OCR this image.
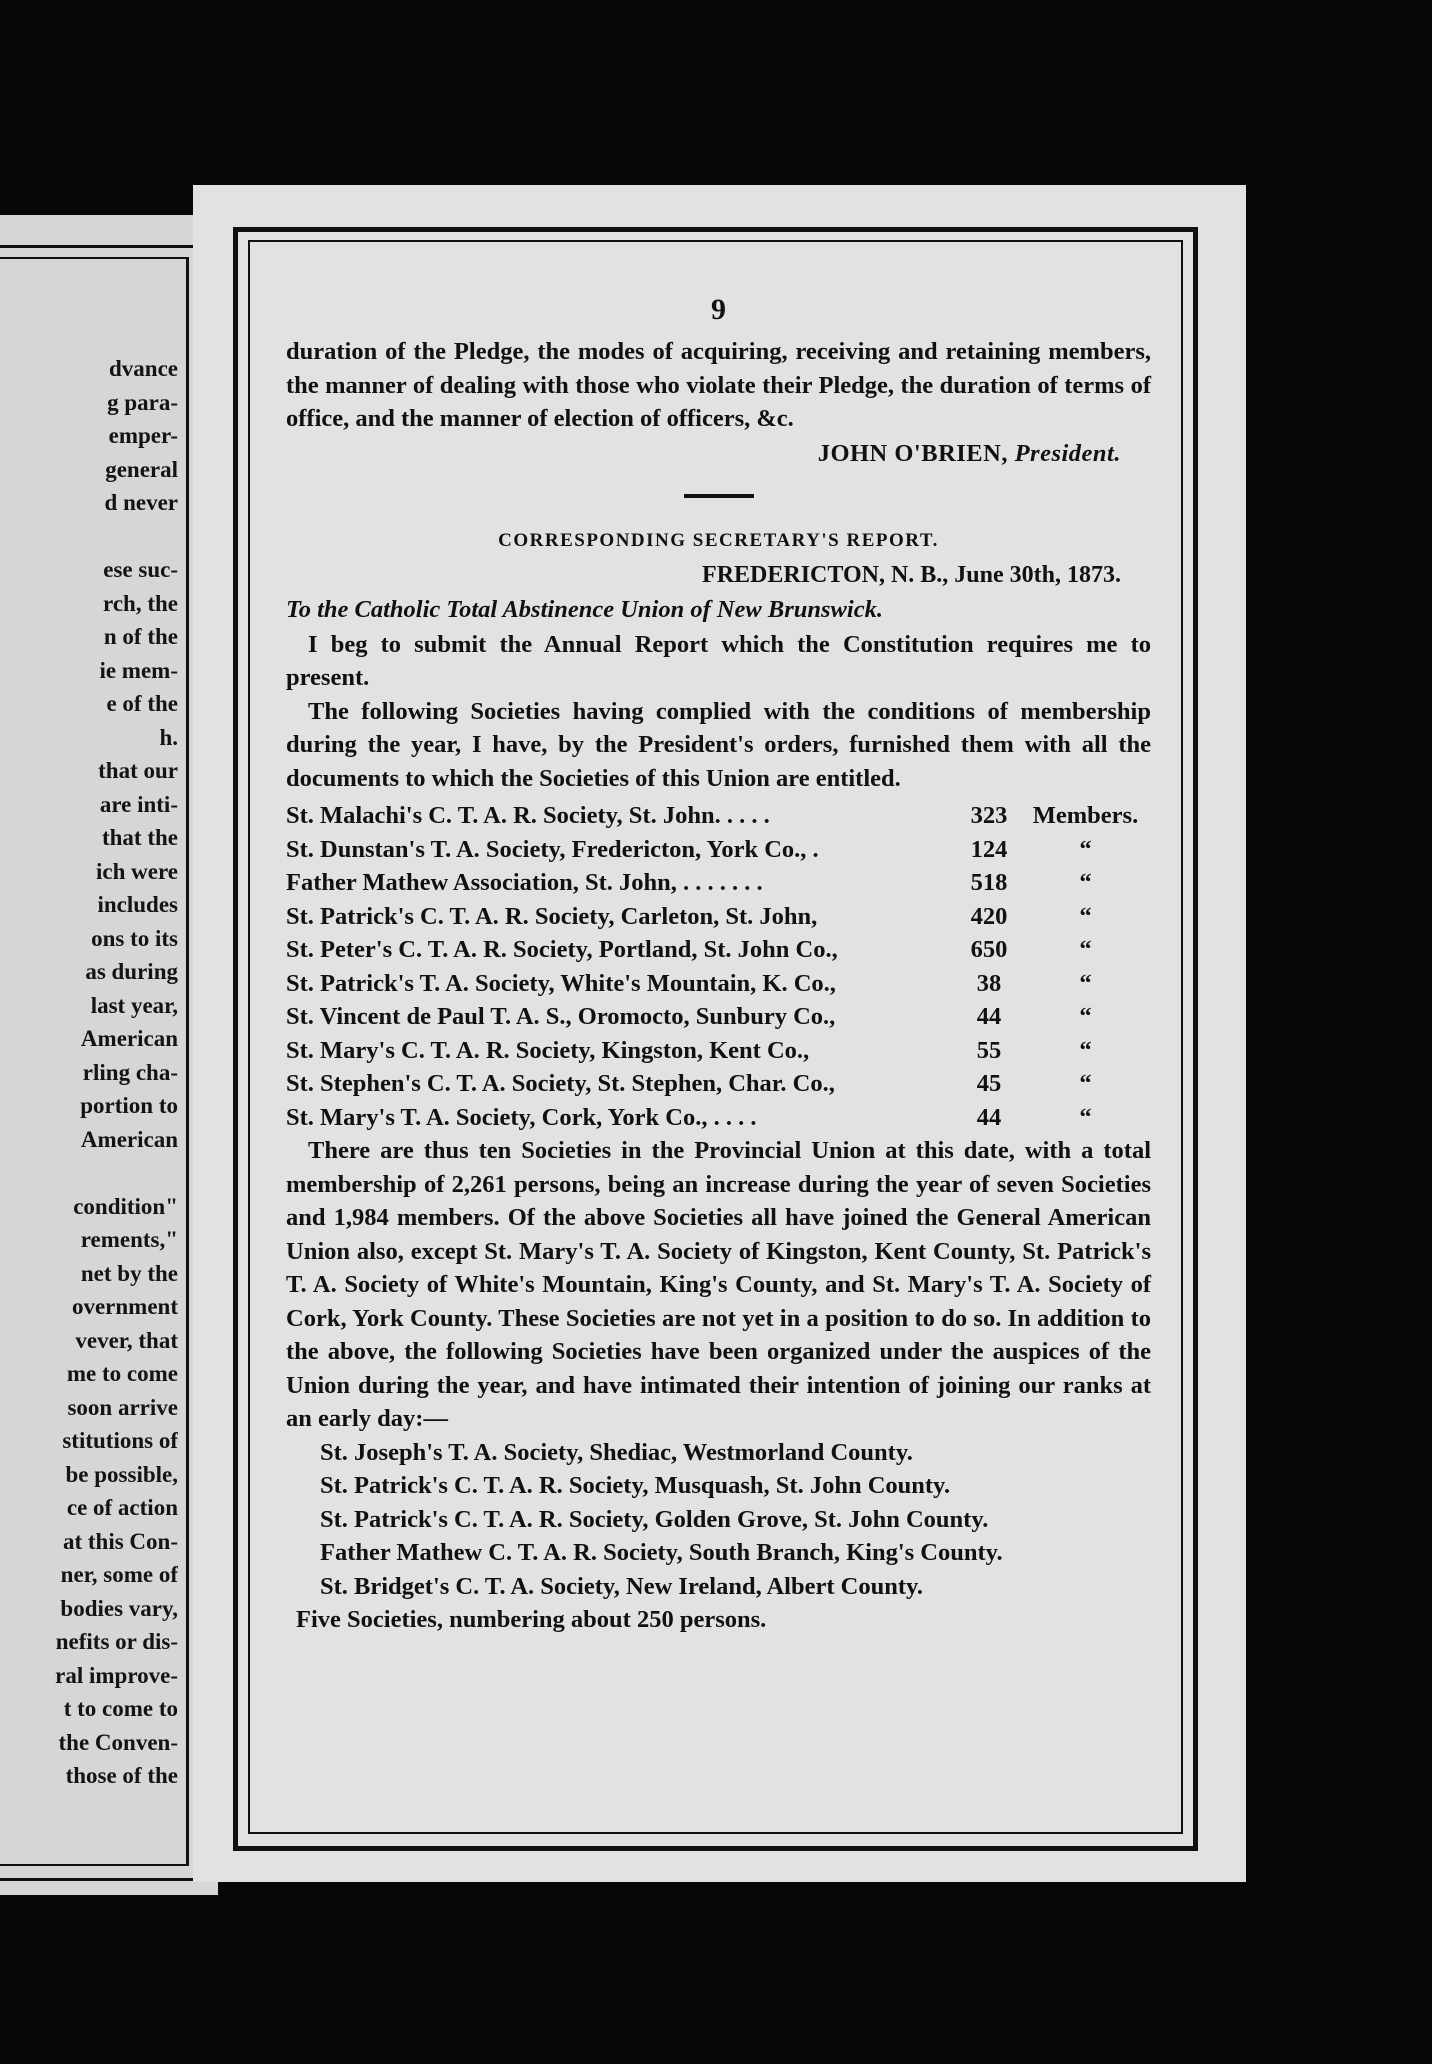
dvance
g para-
emper-
general
d never
ese suc-
rch, the
n of the
ie mem-
e of the
h.
that our
are inti-
that the
ich were
includes
ons to its
as during
last year,
American
rling cha-
portion to
American
condition"
rements,"
net by the
overnment
vever, that
me to come
soon arrive
stitutions of
be possible,
ce of action
at this Con-
ner, some of
bodies vary,
nefits or dis-
ral improve-
t to come to
the Conven-
those of the
9

duration of the Pledge, the modes of acquiring, receiving and retaining members, the manner of dealing with those who violate their Pledge, the duration of terms of office, and the manner of election of officers, &c.

JOHN O'BRIEN, President.
CORRESPONDING SECRETARY'S REPORT.
FREDERICTON, N. B., June 30th, 1873.
To the Catholic Total Abstinence Union of New Brunswick.

I beg to submit the Annual Report which the Constitution requires me to present.

The following Societies having complied with the conditions of membership during the year, I have, by the President's orders, furnished them with all the documents to which the Societies of this Union are entitled.

St. Malachi's C. T. A. R. Society, St. John. . . . .	323	Members.
St. Dunstan's T. A. Society, Fredericton, York Co., .	124	“
Father Mathew Association, St. John, . . . . . . .	518	“
St. Patrick's C. T. A. R. Society, Carleton, St. John,	420	“
St. Peter's C. T. A. R. Society, Portland, St. John Co.,	650	“
St. Patrick's T. A. Society, White's Mountain, K. Co.,	38	“
St. Vincent de Paul T. A. S., Oromocto, Sunbury Co.,	44	“
St. Mary's C. T. A. R. Society, Kingston, Kent Co.,	55	“
St. Stephen's C. T. A. Society, St. Stephen, Char. Co.,	45	“
St. Mary's T. A. Society, Cork, York Co., . . . .	44	“

There are thus ten Societies in the Provincial Union at this date, with a total membership of 2,261 persons, being an increase during the year of seven Societies and 1,984 members. Of the above Societies all have joined the General American Union also, except St. Mary's T. A. Society of Kingston, Kent County, St. Patrick's T. A. Society of White's Mountain, King's County, and St. Mary's T. A. Society of Cork, York County. These Societies are not yet in a position to do so. In addition to the above, the following Societies have been organized under the auspices of the Union during the year, and have intimated their intention of joining our ranks at an early day:—

St. Joseph's T. A. Society, Shediac, Westmorland County.
St. Patrick's C. T. A. R. Society, Musquash, St. John County.
St. Patrick's C. T. A. R. Society, Golden Grove, St. John County.
Father Mathew C. T. A. R. Society, South Branch, King's County.
St. Bridget's C. T. A. Society, New Ireland, Albert County.
Five Societies, numbering about 250 persons.
